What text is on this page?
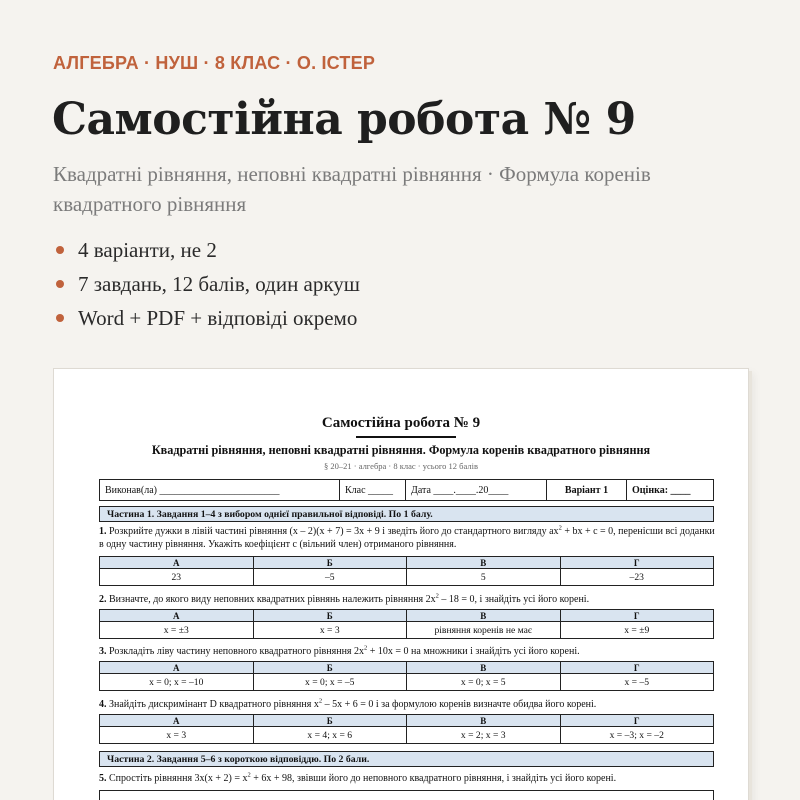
АЛГЕБРА · НУШ · 8 КЛАС · О. ІСТЕР
Самостійна робота № 9
Квадратні рівняння, неповні квадратні рівняння · Формула коренів квадратного рівняння
4 варіанти, не 2
7 завдань, 12 балів, один аркуш
Word + PDF + відповіді окремо
Самостійна робота № 9
Квадратні рівняння, неповні квадратні рівняння. Формула коренів квадратного рівняння
§ 20–21 · алгебра · 8 клас · усього 12 балів
Виконав(ла) ________________________	Клас _____	Дата ____.____.20____	Варіант 1	Оцінка: ____
Частина 1. Завдання 1–4 з вибором однієї правильної відповіді. По 1 балу.
1. Розкрийте дужки в лівій частині рівняння (x – 2)(x + 7) = 3x + 9 і зведіть його до стандартного вигляду $ax^2$ + bx + c = 0, перенісши всі доданки в одну частину рівняння. Укажіть коефіцієнт c (вільний член) отриманого рівняння.
А	Б	В	Г
23	–5	5	–23
2. Визначте, до якого виду неповних квадратних рівнянь належить рівняння $2x^2 - 18 = 0$, і знайдіть усі його корені.
А	Б	В	Г
x = ±3	x = 3	рівняння коренів не має	x = ±9
3. Розкладіть ліву частину неповного квадратного рівняння $2x^2 + 10x = 0$ на множники і знайдіть усі його корені.
А	Б	В	Г
x = 0; x = –10	x = 0; x = –5	x = 0; x = 5	x = –5
4. Знайдіть дискримінант D квадратного рівняння $x^2 - 5x + 6 = 0$ і за формулою коренів визначте обидва його корені.
А	Б	В	Г
x = 3	x = 4; x = 6	x = 2; x = 3	x = –3; x = –2
Частина 2. Завдання 5–6 з короткою відповіддю. По 2 бали.
5. Спростіть рівняння $3x(x + 2) = x^2 + 6x + 98$, звівши його до неповного квадратного рівняння, і знайдіть усі його корені.
